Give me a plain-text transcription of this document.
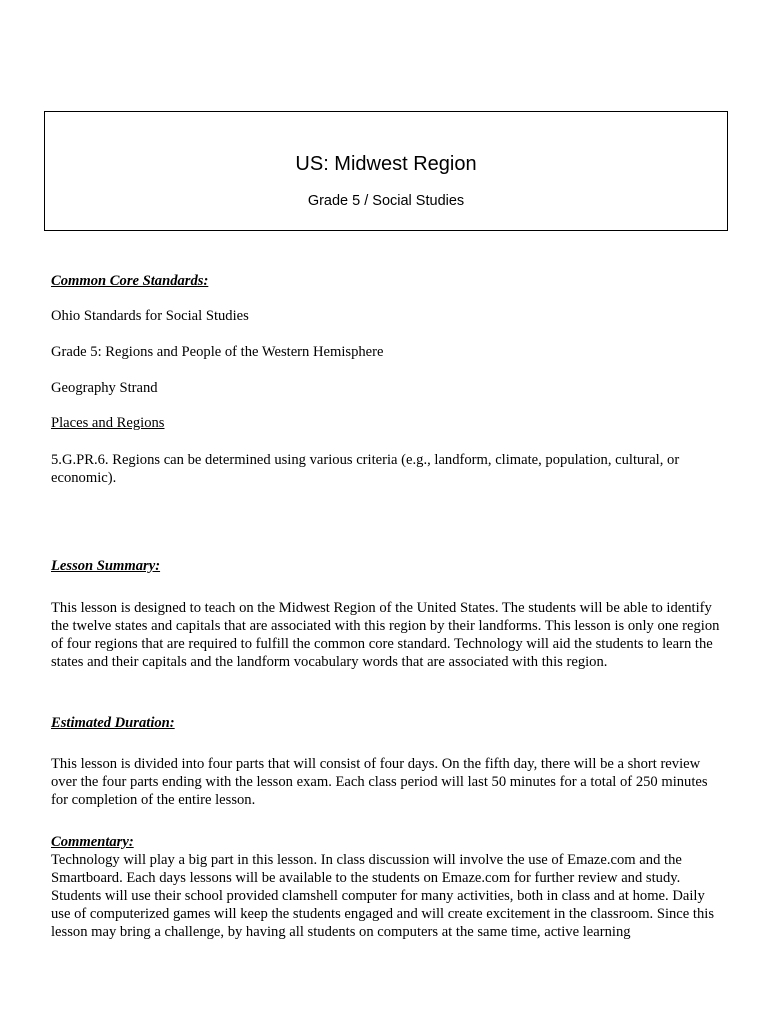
US: Midwest Region

Grade 5 / Social Studies

Common Core Standards:

Ohio Standards for Social Studies

Grade 5: Regions and People of the Western Hemisphere

Geography Strand

Places and Regions

5.G.PR.6. Regions can be determined using various criteria (e.g., landform, climate, population, cultural, or economic).

Lesson Summary:

This lesson is designed to teach on the Midwest Region of the United States. The students will be able to identify the twelve states and capitals that are associated with this region by their landforms. This lesson is only one region of four regions that are required to fulfill the common core standard. Technology will aid the students to learn the states and their capitals and the landform vocabulary words that are associated with this region.

Estimated Duration:

This lesson is divided into four parts that will consist of four days. On the fifth day, there will be a short review over the four parts ending with the lesson exam. Each class period will last 50 minutes for a total of 250 minutes for completion of the entire lesson.

Commentary:

Technology will play a big part in this lesson. In class discussion will involve the use of Emaze.com and the Smartboard. Each days lessons will be available to the students on Emaze.com for further review and study. Students will use their school provided clamshell computer for many activities, both in class and at home. Daily use of computerized games will keep the students engaged and will create excitement in the classroom. Since this lesson may bring a challenge, by having all students on computers at the same time, active learning
